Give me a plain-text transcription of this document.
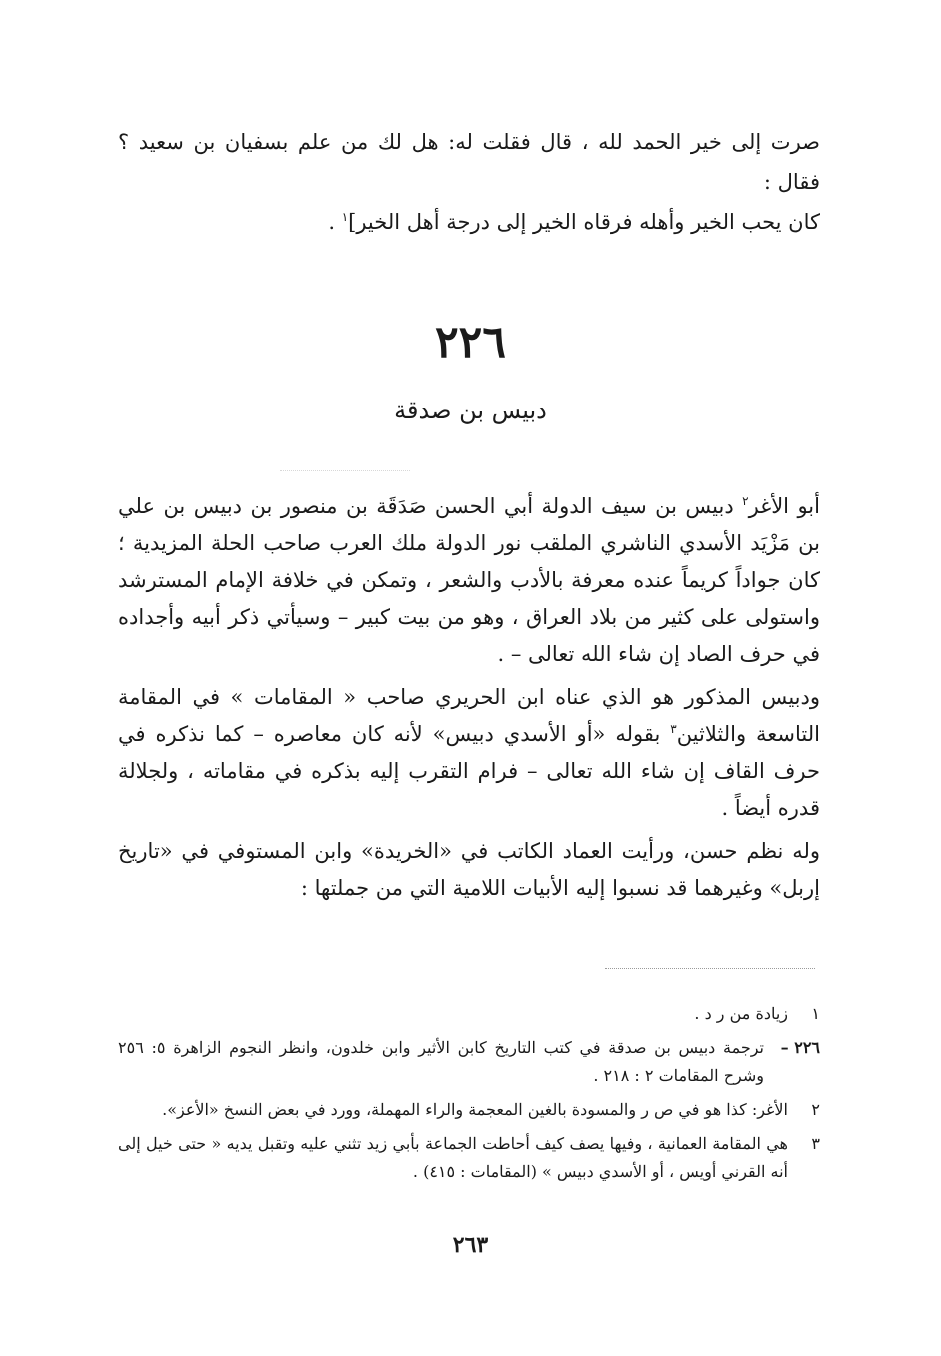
صرت إلى خير الحمد لله ، قال فقلت له: هل لك من علم بسفيان بن سعيد ؟ فقال :
كان يحب الخير وأهله فرقاه الخير إلى درجة أهل الخير]$^١$ .
٢٢٦
دبيس بن صدقة
أبو الأغر$^٢$ دبيس بن سيف الدولة أبي الحسن صَدَقَة بن منصور بن دبيس بن علي بن مَزْيَد الأسدي الناشري الملقب نور الدولة ملك العرب صاحب الحلة المزيدية ؛ كان جواداً كريماً عنده معرفة بالأدب والشعر ، وتمكن في خلافة الإمام المسترشد واستولى على كثير من بلاد العراق ، وهو من بيت كبير – وسيأتي ذكر أبيه وأجداده في حرف الصاد إن شاء الله تعالى – .
ودبيس المذكور هو الذي عناه ابن الحريري صاحب « المقامات » في المقامة التاسعة والثلاثين$^٣$ بقوله «أو الأسدي دبيس» لأنه كان معاصره – كما نذكره في حرف القاف إن شاء الله تعالى – فرام التقرب إليه بذكره في مقاماته ، ولجلالة قدره أيضاً .
وله نظم حسن، ورأيت العماد الكاتب في «الخريدة» وابن المستوفي في «تاريخ إربل» وغيرهما قد نسبوا إليه الأبيات اللامية التي من جملتها :
١
زيادة من ر د .
٢٢٦ –
ترجمة دبيس بن صدقة في كتب التاريخ كابن الأثير وابن خلدون، وانظر النجوم الزاهرة ٥: ٢٥٦ وشرح المقامات ٢ : ٢١٨ .
٢
الأغر: كذا هو في ص ر والمسودة بالغين المعجمة والراء المهملة، وورد في بعض النسخ «الأعز».
٣
هي المقامة العمانية ، وفيها يصف كيف أحاطت الجماعة بأبي زيد تثني عليه وتقبل يديه « حتى خيل إلى أنه القرني أويس ، أو الأسدي دبيس » (المقامات : ٤١٥) .
٢٦٣
